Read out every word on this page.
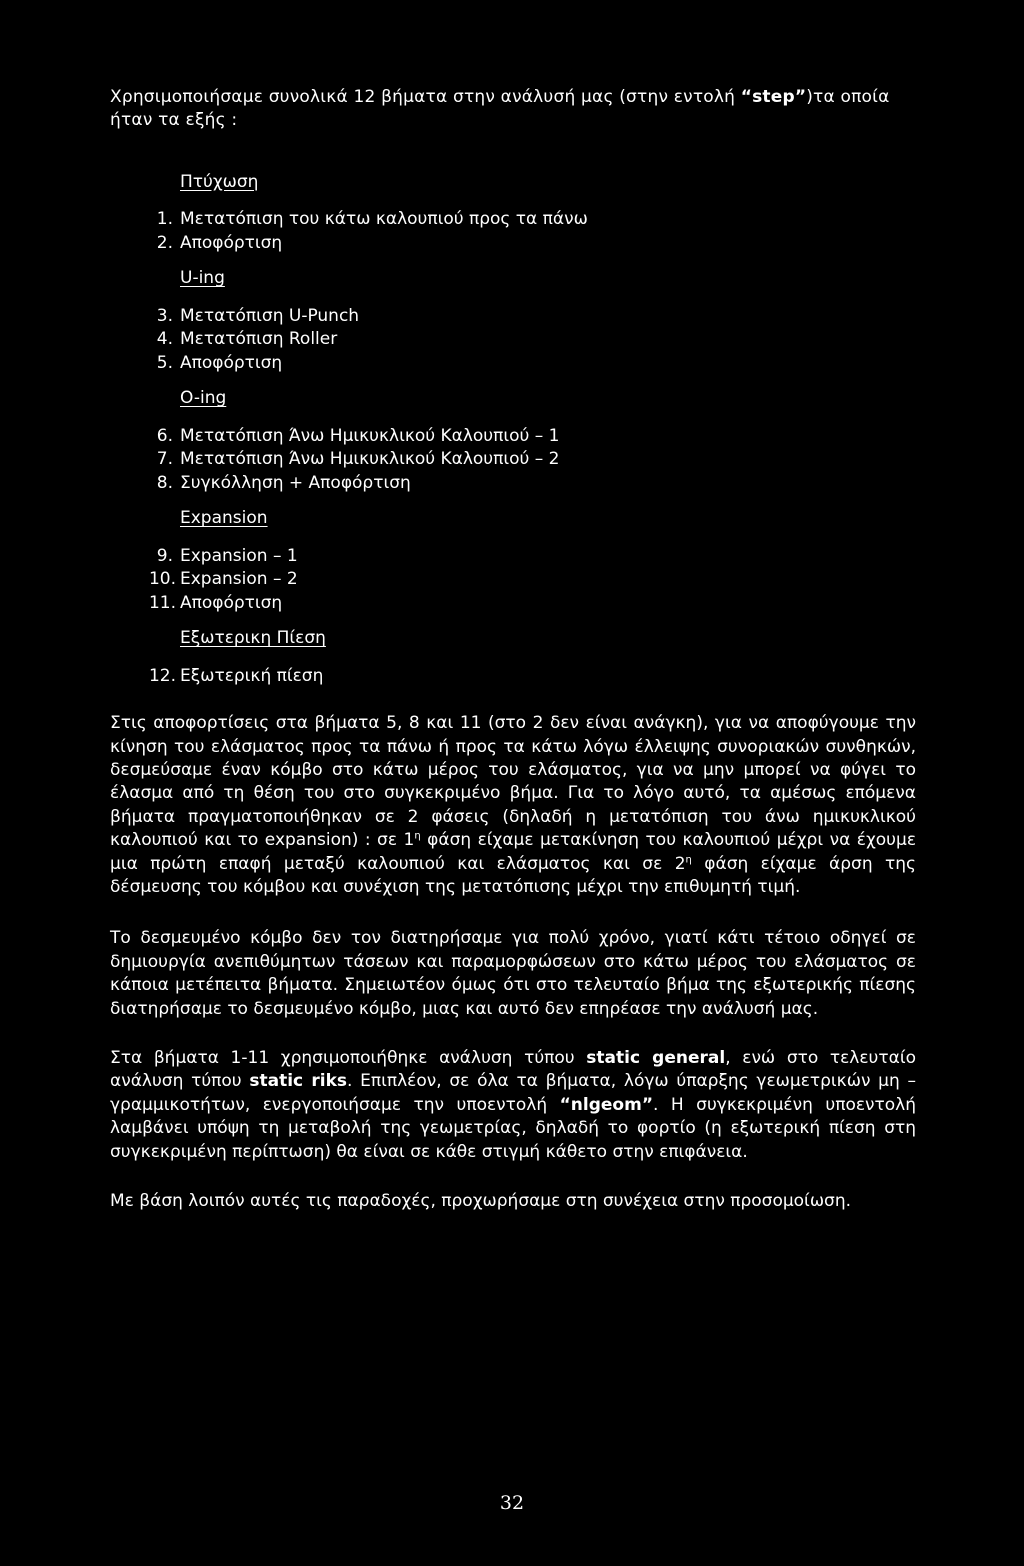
Χρησιμοποιήσαμε συνολικά 12 βήματα στην ανάλυσή μας (στην εντολή “step”)τα οποία ήταν τα εξής :

Πτύχωση
1. Μετατόπιση του κάτω καλουπιού προς τα πάνω
2. Αποφόρτιση
U-ing
3. Μετατόπιση U-Punch
4. Μετατόπιση Roller
5. Αποφόρτιση
O-ing
6. Μετατόπιση Άνω Ημικυκλικού Καλουπιού – 1
7. Μετατόπιση Άνω Ημικυκλικού Καλουπιού – 2
8. Συγκόλληση + Αποφόρτιση
Expansion
9. Expansion – 1
10. Expansion – 2
11. Αποφόρτιση
Εξωτερικη Πίεση
12. Εξωτερική πίεση

Στις αποφορτίσεις στα βήματα 5, 8 και 11 (στο 2 δεν είναι ανάγκη), για να αποφύγουμε την κίνηση του ελάσματος προς τα πάνω ή προς τα κάτω λόγω έλλειψης συνοριακών συνθηκών, δεσμεύσαμε έναν κόμβο στο κάτω μέρος του ελάσματος, για να μην μπορεί να φύγει το έλασμα από τη θέση του στο συγκεκριμένο βήμα. Για το λόγο αυτό, τα αμέσως επόμενα βήματα πραγματοποιήθηκαν σε 2 φάσεις (δηλαδή η μετατόπιση του άνω ημικυκλικού καλουπιού και το expansion) : σε $1^\eta$ φάση είχαμε μετακίνηση του καλουπιού μέχρι να έχουμε μια πρώτη επαφή μεταξύ καλουπιού και ελάσματος και σε $2^\eta$ φάση είχαμε άρση της δέσμευσης του κόμβου και συνέχιση της μετατόπισης μέχρι την επιθυμητή τιμή.

Το δεσμευμένο κόμβο δεν τον διατηρήσαμε για πολύ χρόνο, γιατί κάτι τέτοιο οδηγεί σε δημιουργία ανεπιθύμητων τάσεων και παραμορφώσεων στο κάτω μέρος του ελάσματος σε κάποια μετέπειτα βήματα. Σημειωτέον όμως ότι στο τελευταίο βήμα της εξωτερικής πίεσης διατηρήσαμε το δεσμευμένο κόμβο, μιας και αυτό δεν επηρέασε την ανάλυσή μας.

Στα βήματα 1-11 χρησιμοποιήθηκε ανάλυση τύπου static general, ενώ στο τελευταίο ανάλυση τύπου static riks. Επιπλέον, σε όλα τα βήματα, λόγω ύπαρξης γεωμετρικών μη – γραμμικοτήτων, ενεργοποιήσαμε την υποεντολή “nlgeom”. Η συγκεκριμένη υποεντολή λαμβάνει υπόψη τη μεταβολή της γεωμετρίας, δηλαδή το φορτίο (η εξωτερική πίεση στη συγκεκριμένη περίπτωση) θα είναι σε κάθε στιγμή κάθετο στην επιφάνεια.

Με βάση λοιπόν αυτές τις παραδοχές, προχωρήσαμε στη συνέχεια στην προσομοίωση.

32
